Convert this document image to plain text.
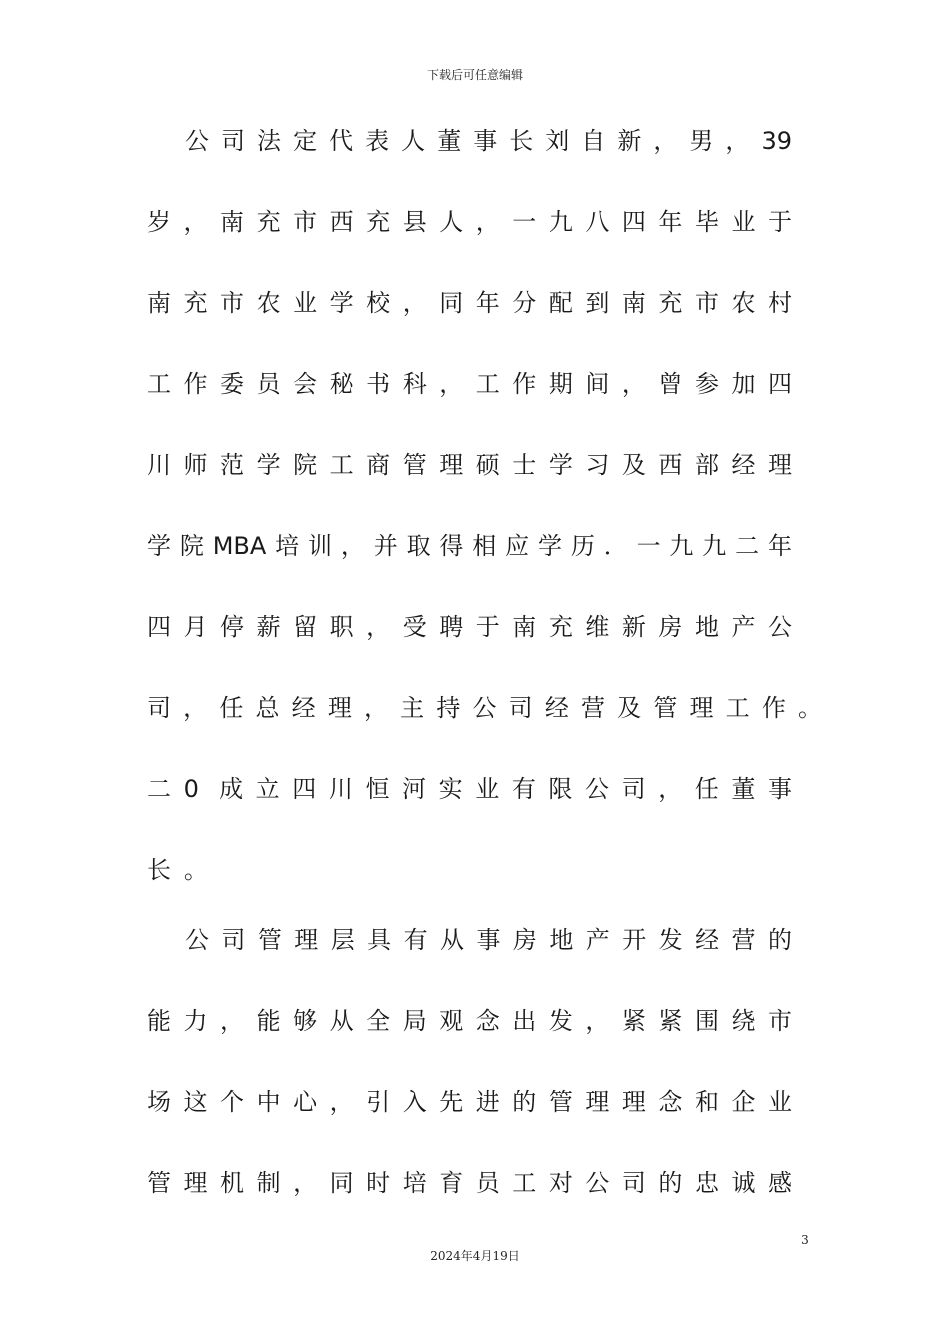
下载后可任意编辑
公司法定代表人董事长刘自新，男，39
岁，南充市西充县人，一九八四年毕业于
南充市农业学校，同年分配到南充市农村
工作委员会秘书科，工作期间，曾参加四
川师范学院工商管理硕士学习及西部经理
学院MBA培训，并取得相应学历．一九九二年
四月停薪留职，受聘于南充维新房地产公
司，任总经理，主持公司经营及管理工作。
二0 成立四川恒河实业有限公司，任董事
长。
公司管理层具有从事房地产开发经营的
能力，能够从全局观念出发，紧紧围绕市
场这个中心，引入先进的管理理念和企业
管理机制，同时培育员工对公司的忠诚感
3
2024年4月19日
